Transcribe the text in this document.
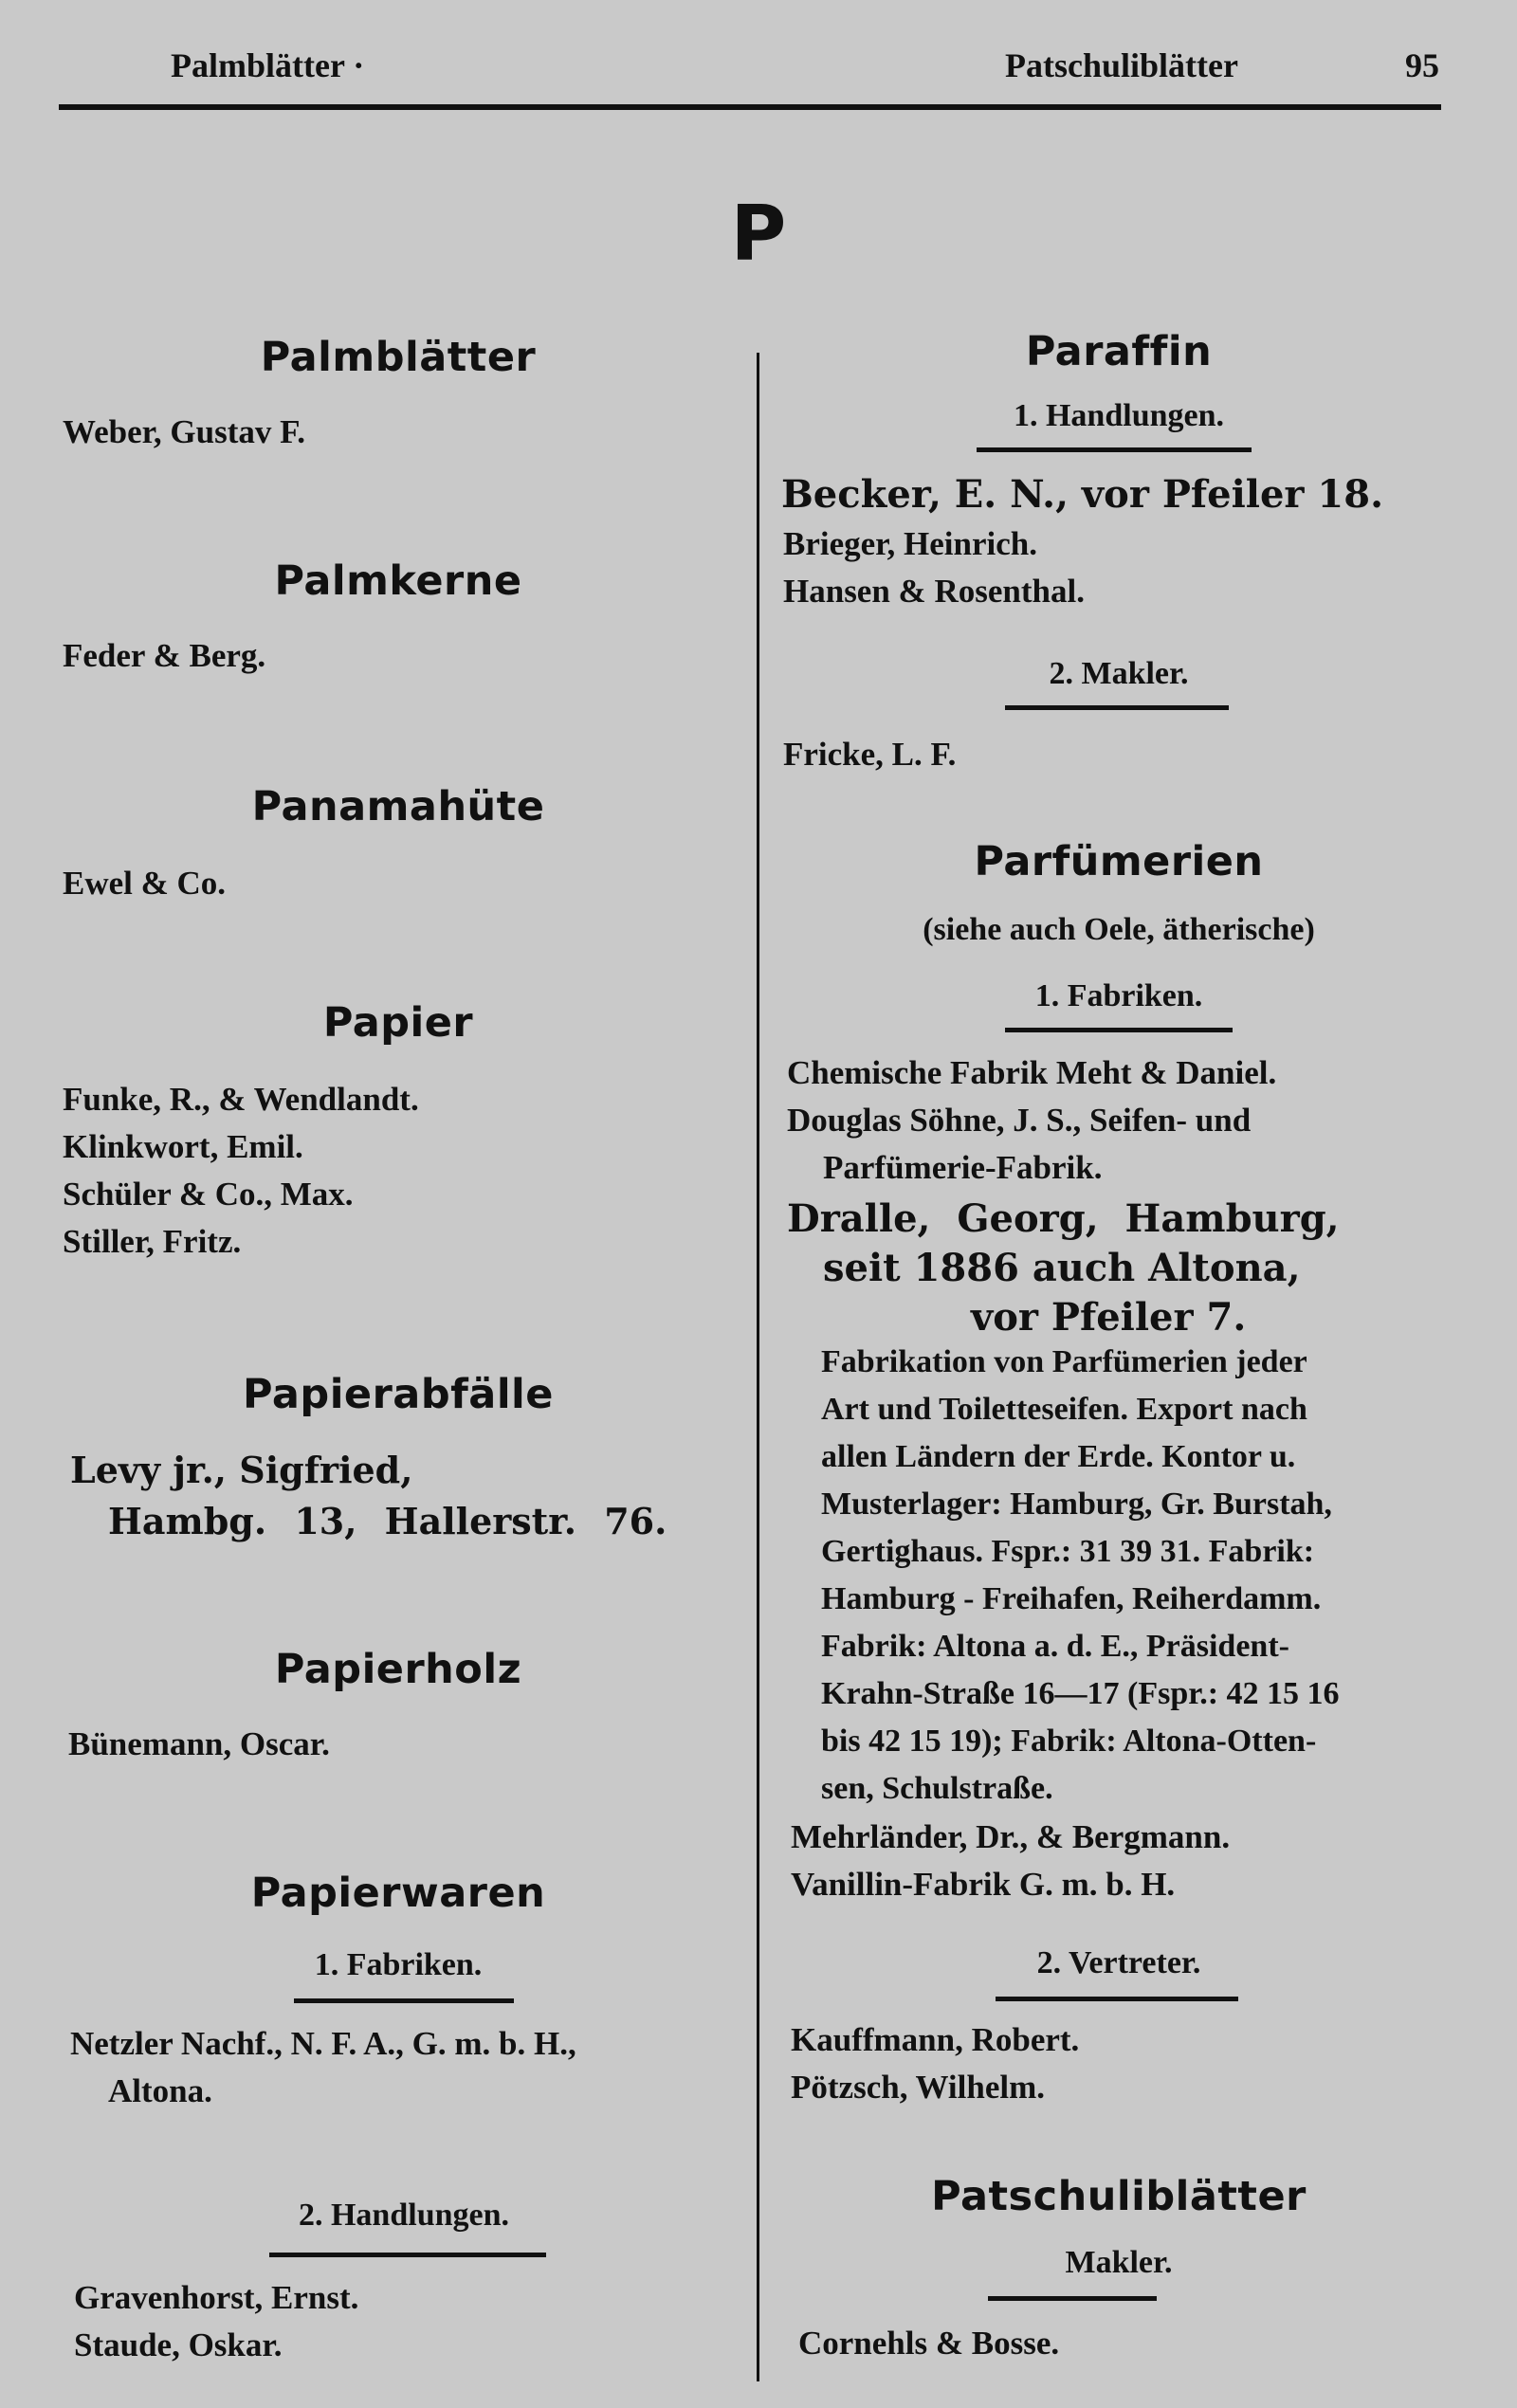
Palmblätter ·	Patschuliblätter	95
P
Palmblätter
Weber, Gustav F.
Palmkerne
Feder & Berg.
Panamahüte
Ewel & Co.
Papier
Funke, R., & Wendlandt.
Klinkwort, Emil.
Schüler & Co., Max.
Stiller, Fritz.
Papierabfälle
Levy jr., Sigfried,
Hambg. 13, Hallerstr. 76.
Papierholz
Bünemann, Oscar.
Papierwaren
1. Fabriken.
Netzler Nachf., N. F. A., G. m. b. H.,
Altona.
2. Handlungen.
Gravenhorst, Ernst.
Staude, Oskar.
Paraffin
1. Handlungen.
Becker, E. N., vor Pfeiler 18.
Brieger, Heinrich.
Hansen & Rosenthal.
2. Makler.
Fricke, L. F.
Parfümerien
(siehe auch Oele, ätherische)
1. Fabriken.
Chemische Fabrik Meht & Daniel.
Douglas Söhne, J. S., Seifen- und
Parfümerie-Fabrik.
Dralle, Georg, Hamburg,
seit 1886 auch Altona,
vor Pfeiler 7.
Fabrikation von Parfümerien jeder
Art und Toiletteseifen. Export nach
allen Ländern der Erde. Kontor u.
Musterlager: Hamburg, Gr. Burstah,
Gertighaus. Fspr.: 31 39 31. Fabrik:
Hamburg - Freihafen, Reiherdamm.
Fabrik: Altona a. d. E., Präsident-
Krahn-Straße 16—17 (Fspr.: 42 15 16
bis 42 15 19); Fabrik: Altona-Otten-
sen, Schulstraße.
Mehrländer, Dr., & Bergmann.
Vanillin-Fabrik G. m. b. H.
2. Vertreter.
Kauffmann, Robert.
Pötzsch, Wilhelm.
Patschuliblätter
Makler.
Cornehls & Bosse.
